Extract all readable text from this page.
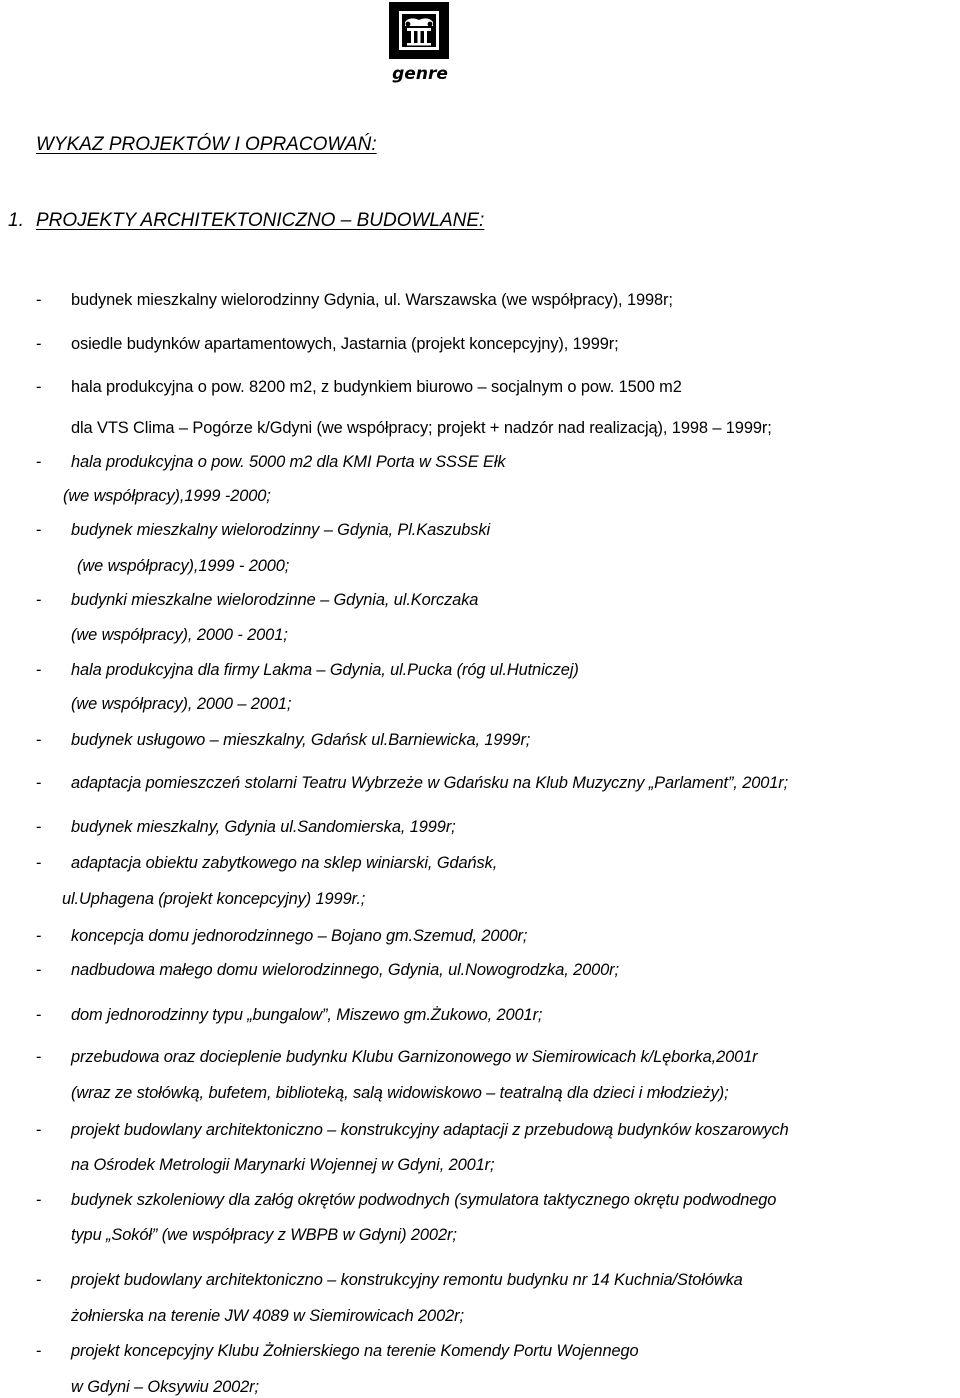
genre
WYKAZ PROJEKTÓW I OPRACOWAŃ:
1. PROJEKTY ARCHITEKTONICZNO – BUDOWLANE:
- budynek mieszkalny wielorodzinny Gdynia, ul. Warszawska (we współpracy), 1998r;
- osiedle budynków apartamentowych, Jastarnia (projekt koncepcyjny), 1999r;
- hala produkcyjna o pow. 8200 m2, z budynkiem biurowo – socjalnym o pow. 1500 m2
dla VTS Clima – Pogórze k/Gdyni (we współpracy; projekt + nadzór nad realizacją), 1998 – 1999r;
- hala produkcyjna o pow. 5000 m2 dla KMI Porta w SSSE Ełk
(we współpracy),1999 -2000;
- budynek mieszkalny wielorodzinny – Gdynia, Pl.Kaszubski
(we współpracy),1999 - 2000;
- budynki mieszkalne wielorodzinne – Gdynia, ul.Korczaka
(we współpracy), 2000 - 2001;
- hala produkcyjna dla firmy Lakma – Gdynia, ul.Pucka (róg ul.Hutniczej)
(we współpracy), 2000 – 2001;
- budynek usługowo – mieszkalny, Gdańsk ul.Barniewicka, 1999r;
- adaptacja pomieszczeń stolarni Teatru Wybrzeże w Gdańsku na Klub Muzyczny „Parlament”, 2001r;
- budynek mieszkalny, Gdynia ul.Sandomierska, 1999r;
- adaptacja obiektu zabytkowego na sklep winiarski, Gdańsk,
ul.Uphagena (projekt koncepcyjny) 1999r.;
- koncepcja domu jednorodzinnego – Bojano gm.Szemud, 2000r;
- nadbudowa małego domu wielorodzinnego, Gdynia, ul.Nowogrodzka, 2000r;
- dom jednorodzinny typu „bungalow”, Miszewo gm.Żukowo, 2001r;
- przebudowa oraz docieplenie budynku Klubu Garnizonowego w Siemirowicach k/Lęborka,2001r
(wraz ze stołówką, bufetem, biblioteką, salą widowiskowo – teatralną dla dzieci i młodzieży);
- projekt budowlany architektoniczno – konstrukcyjny adaptacji z przebudową budynków koszarowych
na Ośrodek Metrologii Marynarki Wojennej w Gdyni, 2001r;
- budynek szkoleniowy dla załóg okrętów podwodnych (symulatora taktycznego okrętu podwodnego
typu „Sokół” (we współpracy z WBPB w Gdyni) 2002r;
- projekt budowlany architektoniczno – konstrukcyjny remontu budynku nr 14 Kuchnia/Stołówka
żołnierska na terenie JW 4089 w Siemirowicach 2002r;
- projekt koncepcyjny Klubu Żołnierskiego na terenie Komendy Portu Wojennego
w Gdyni – Oksywiu 2002r;
